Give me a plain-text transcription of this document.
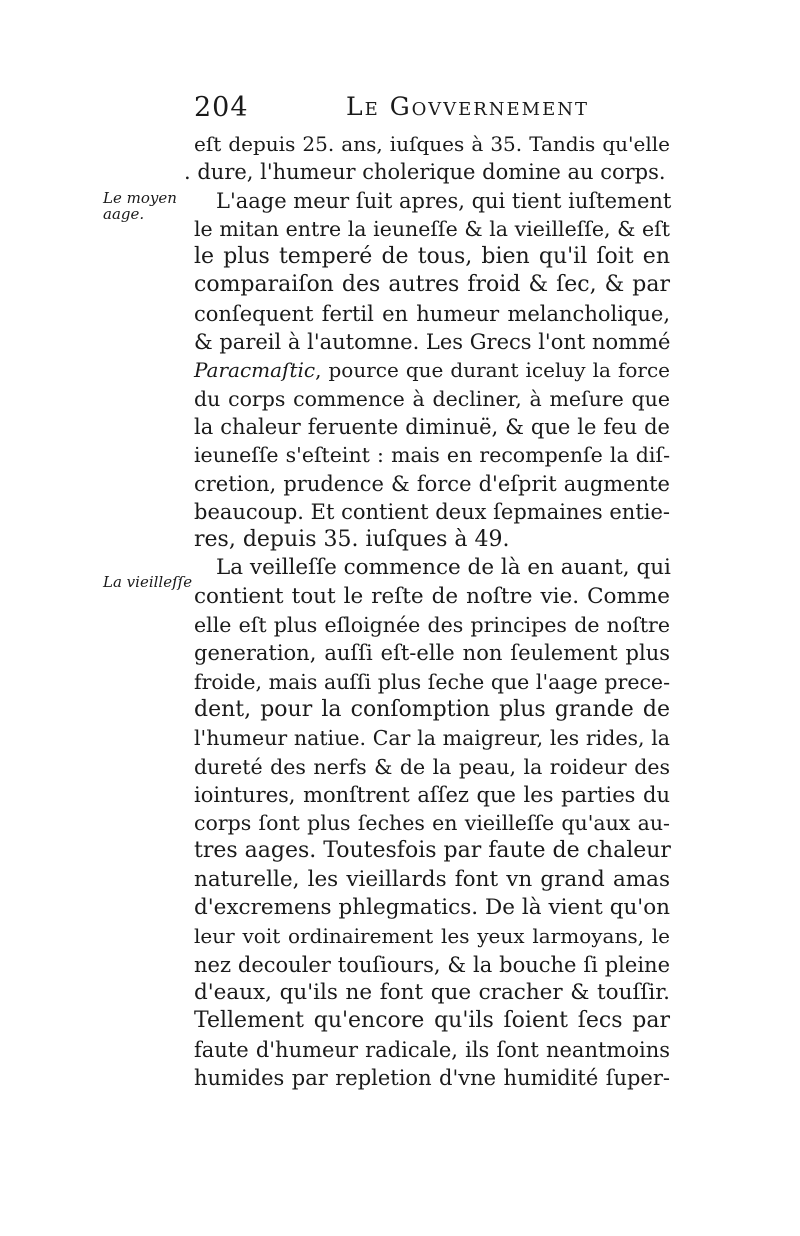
204	Le Govvernement
Le moyen
aage.
La vieilleſſe
eſt depuis 25. ans, iuſques à 35. Tandis qu'elle
. dure, l'humeur cholerique domine au corps.
L'aage meur ſuit apres, qui tient iuſtement
le mitan entre la ieuneſſe & la vieilleſſe, & eſt
le plus temperé de tous, bien qu'il ſoit en
comparaiſon des autres froid & ſec, & par
conſequent fertil en humeur melancholique,
& pareil à l'automne. Les Grecs l'ont nommé
Paracmaſtic, pource que durant iceluy la force
du corps commence à decliner, à meſure que
la chaleur feruente diminuë, & que le feu de
ieuneſſe s'eſteint : mais en recompenſe la diſ-
cretion, prudence & force d'eſprit augmente
beaucoup. Et contient deux ſepmaines entie-
res, depuis 35. iuſques à 49.
La veilleſſe commence de là en auant, qui
contient tout le reſte de noſtre vie. Comme
elle eſt plus eſloignée des principes de noſtre
generation, auſſi eſt-elle non ſeulement plus
froide, mais auſſi plus ſeche que l'aage prece-
dent, pour la conſomption plus grande de
l'humeur natiue. Car la maigreur, les rides, la
dureté des nerfs & de la peau, la roideur des
iointures, monſtrent aſſez que les parties du
corps ſont plus ſeches en vieilleſſe qu'aux au-
tres aages. Toutesfois par faute de chaleur
naturelle, les vieillards font vn grand amas
d'excremens phlegmatics. De là vient qu'on
leur voit ordinairement les yeux larmoyans, le
nez decouler touſiours, & la bouche ſi pleine
d'eaux, qu'ils ne font que cracher & touſſir.
Tellement qu'encore qu'ils ſoient ſecs par
faute d'humeur radicale, ils ſont neantmoins
humides par repletion d'vne humidité ſuper-
